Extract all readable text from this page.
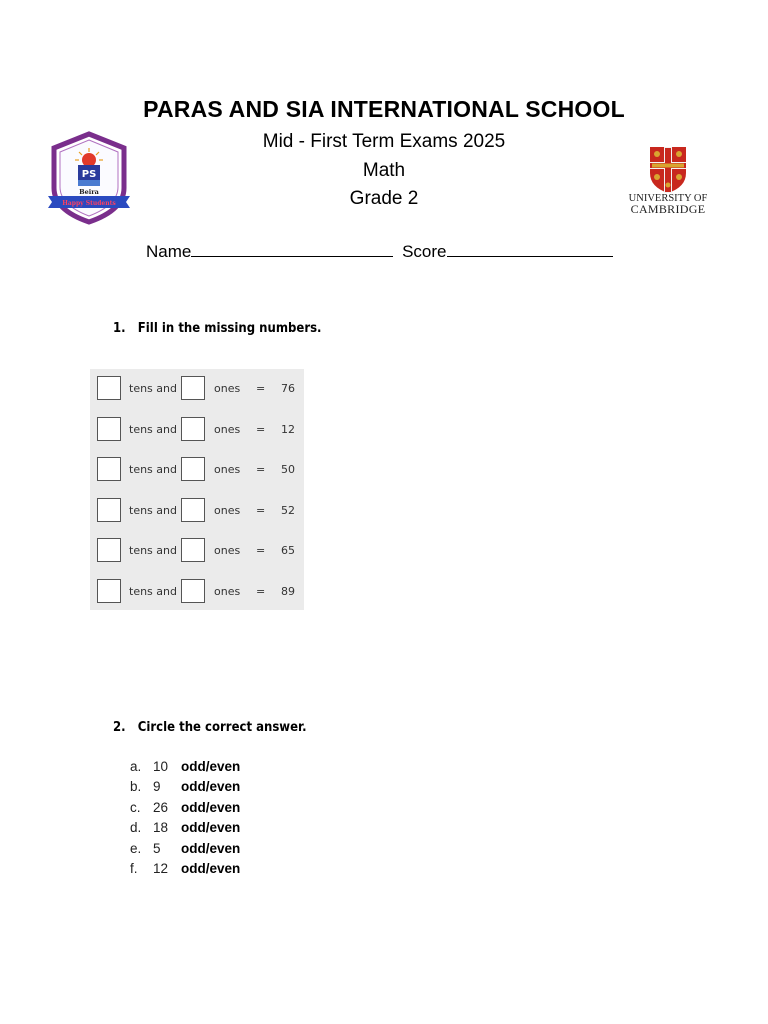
PS
Beira
Happy Students	UNIVERSITY OF
CAMBRIDGE
PARAS AND SIA INTERNATIONAL SCHOOL
Mid - First Term Exams 2025
Math
Grade 2
Name	Score
1. Fill in the missing numbers.
tens and	ones = 76
tens and	ones = 12
tens and	ones = 50
tens and	ones = 52
tens and	ones = 65
tens and	ones = 89
2. Circle the correct answer.
a. 10 odd/even
b. 9 odd/even
c. 26 odd/even
d. 18 odd/even
e. 5 odd/even
f. 12 odd/even
